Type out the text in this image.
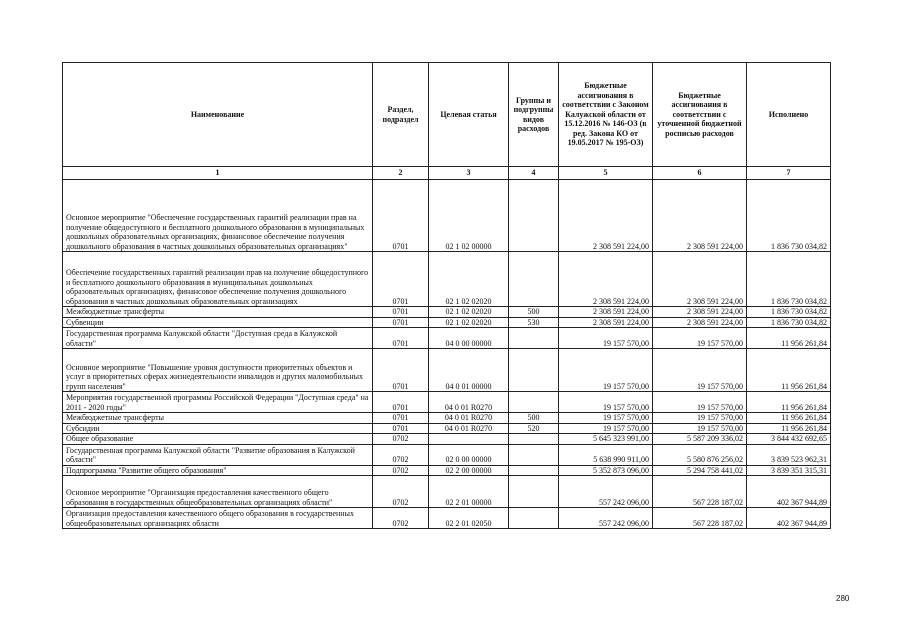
Наименование	Раздел, подраздел	Целевая статья	Группы и подгруппы видов расходов	Бюджетные ассигнования в соответствии с Законом Калужской области от 15.12.2016 № 146-ОЗ (в ред. Закона КО от 19.05.2017 № 195-ОЗ)	Бюджетные ассигнования в соответствии с уточненной бюджетной росписью расходов	Исполнено
1	2	3	4	5	6	7
Основное мероприятие "Обеспечение государственных гарантий реализации прав на получение общедоступного и бесплатного дошкольного образования в муниципальных дошкольных образовательных организациях, финансовое обеспечение получения дошкольного образования в частных дошкольных образовательных организациях"	0701	02 1 02 00000		2 308 591 224,00	2 308 591 224,00	1 836 730 034,82
Обеспечение государственных гарантий реализации прав на получение общедоступного и бесплатного дошкольного образования в муниципальных дошкольных образовательных организациях, финансовое обеспечение получения дошкольного образования в частных дошкольных образовательных организациях	0701	02 1 02 02020		2 308 591 224,00	2 308 591 224,00	1 836 730 034,82
Межбюджетные трансферты	0701	02 1 02 02020	500	2 308 591 224,00	2 308 591 224,00	1 836 730 034,82
Субвенции	0701	02 1 02 02020	530	2 308 591 224,00	2 308 591 224,00	1 836 730 034,82
Государственная программа Калужской области "Доступная среда в Калужской области"	0701	04 0 00 00000		19 157 570,00	19 157 570,00	11 956 261,84
Основное мероприятие "Повышение уровня доступности приоритетных объектов и услуг в приоритетных сферах жизнедеятельности инвалидов и других маломобильных групп населения"	0701	04 0 01 00000		19 157 570,00	19 157 570,00	11 956 261,84
Мероприятия государственной программы Российской Федерации "Доступная среда" на 2011 - 2020 годы"	0701	04 0 01 R0270		19 157 570,00	19 157 570,00	11 956 261,84
Межбюджетные трансферты	0701	04 0 01 R0270	500	19 157 570,00	19 157 570,00	11 956 261,84
Субсидии	0701	04 0 01 R0270	520	19 157 570,00	19 157 570,00	11 956 261,84
Общее образование	0702			5 645 323 991,00	5 587 209 336,02	3 844 432 692,65
Государственная программа Калужской области "Развитие образования в Калужской области"	0702	02 0 00 00000		5 638 990 911,00	5 580 876 256,02	3 839 523 962,31
Подпрограмма "Развитие общего образования"	0702	02 2 00 00000		5 352 873 096,00	5 294 758 441,02	3 839 351 315,31
Основное мероприятие "Организация предоставления качественного общего образования в государственных общеобразовательных организациях области"	0702	02 2 01 00000		557 242 096,00	567 228 187,02	402 367 944,89
Организация предоставления качественного общего образования в государственных общеобразовательных организациях области	0702	02 2 01 02050		557 242 096,00	567 228 187,02	402 367 944,89
280
